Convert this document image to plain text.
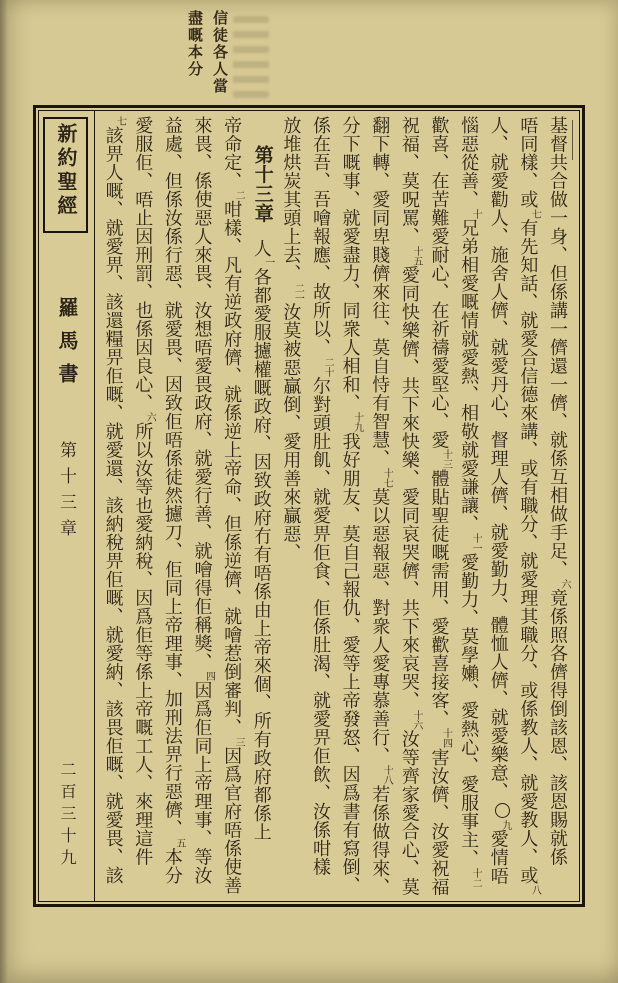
信徒各人當
盡嘅本分
新約聖經
羅馬書
第十三章
二百三十九
基督共合做一身、但係講一儕還一儕、就係互相做手足、六竟係照各儕得倒該恩、該恩賜就係
唔同樣、或七有先知話、就愛合信德來講、或有職分、就愛理其職分、或係教人、就愛教人、或八
人、就愛勸人、施舍人儕、就愛丹心、督理人儕、就愛勤力、體恤人儕、就愛樂意、九愛情唔
惱惡從善、十兄弟相愛嘅情就愛熱、相敬就愛謙讓、十一愛勤力、莫學嬾、愛熱心、愛服事主、十二
歡喜、在苦難愛耐心、在祈禱愛堅心、愛十三體貼聖徒嘅需用、愛歡喜接客、十四害汝儕、汝愛祝福
祝福、莫呪罵、十五愛同快樂儕、共下來快樂、愛同哀哭儕、共下來哀哭、十六汝等齊家愛合心、莫
翻下轉、愛同卑賤儕來往、莫自恃有智慧、十七莫以惡報惡、對衆人愛專慕善行、十八若係做得來、
分下嘅事、就愛盡力、同衆人相和、十九我好朋友、莫自己報仇、愛等上帝發怒、因爲書有寫倒、
係在吾、吾噲報應、故所以、二十尔對頭肚飢、就愛畀佢食、佢係肚渴、就愛畀佢飲、汝係咁樣
放堆烘炭其頭上去、二一汝莫被惡贏倒、愛用善來贏惡、
第十三章人一各都愛服攄權嘅政府、因致政府冇有唔係由上帝來個、所有政府都係上
帝命定、二咁樣、凡有逆政府儕、就係逆上帝命、但係逆儕、就噲惹倒審判、三因爲官府唔係使善
來畏、係使惡人來畏、汝想唔愛畏政府、就愛行善、就噲得佢稱獎、四因爲佢同上帝理事、等汝
益處、但係汝係行惡、就愛畏、因致佢唔係徒然攄刀、佢同上帝理事、加刑法畀行惡儕、五本分
愛服佢、唔止因刑罰、也係因良心、六所以汝等也愛納稅、因爲佢等係上帝嘅工人、來理這件
七該畀人嘅、就愛畀、該還糧畀佢嘅、就愛還、該納稅畀佢嘅、就愛納、該畏佢嘅、就愛畏、該
